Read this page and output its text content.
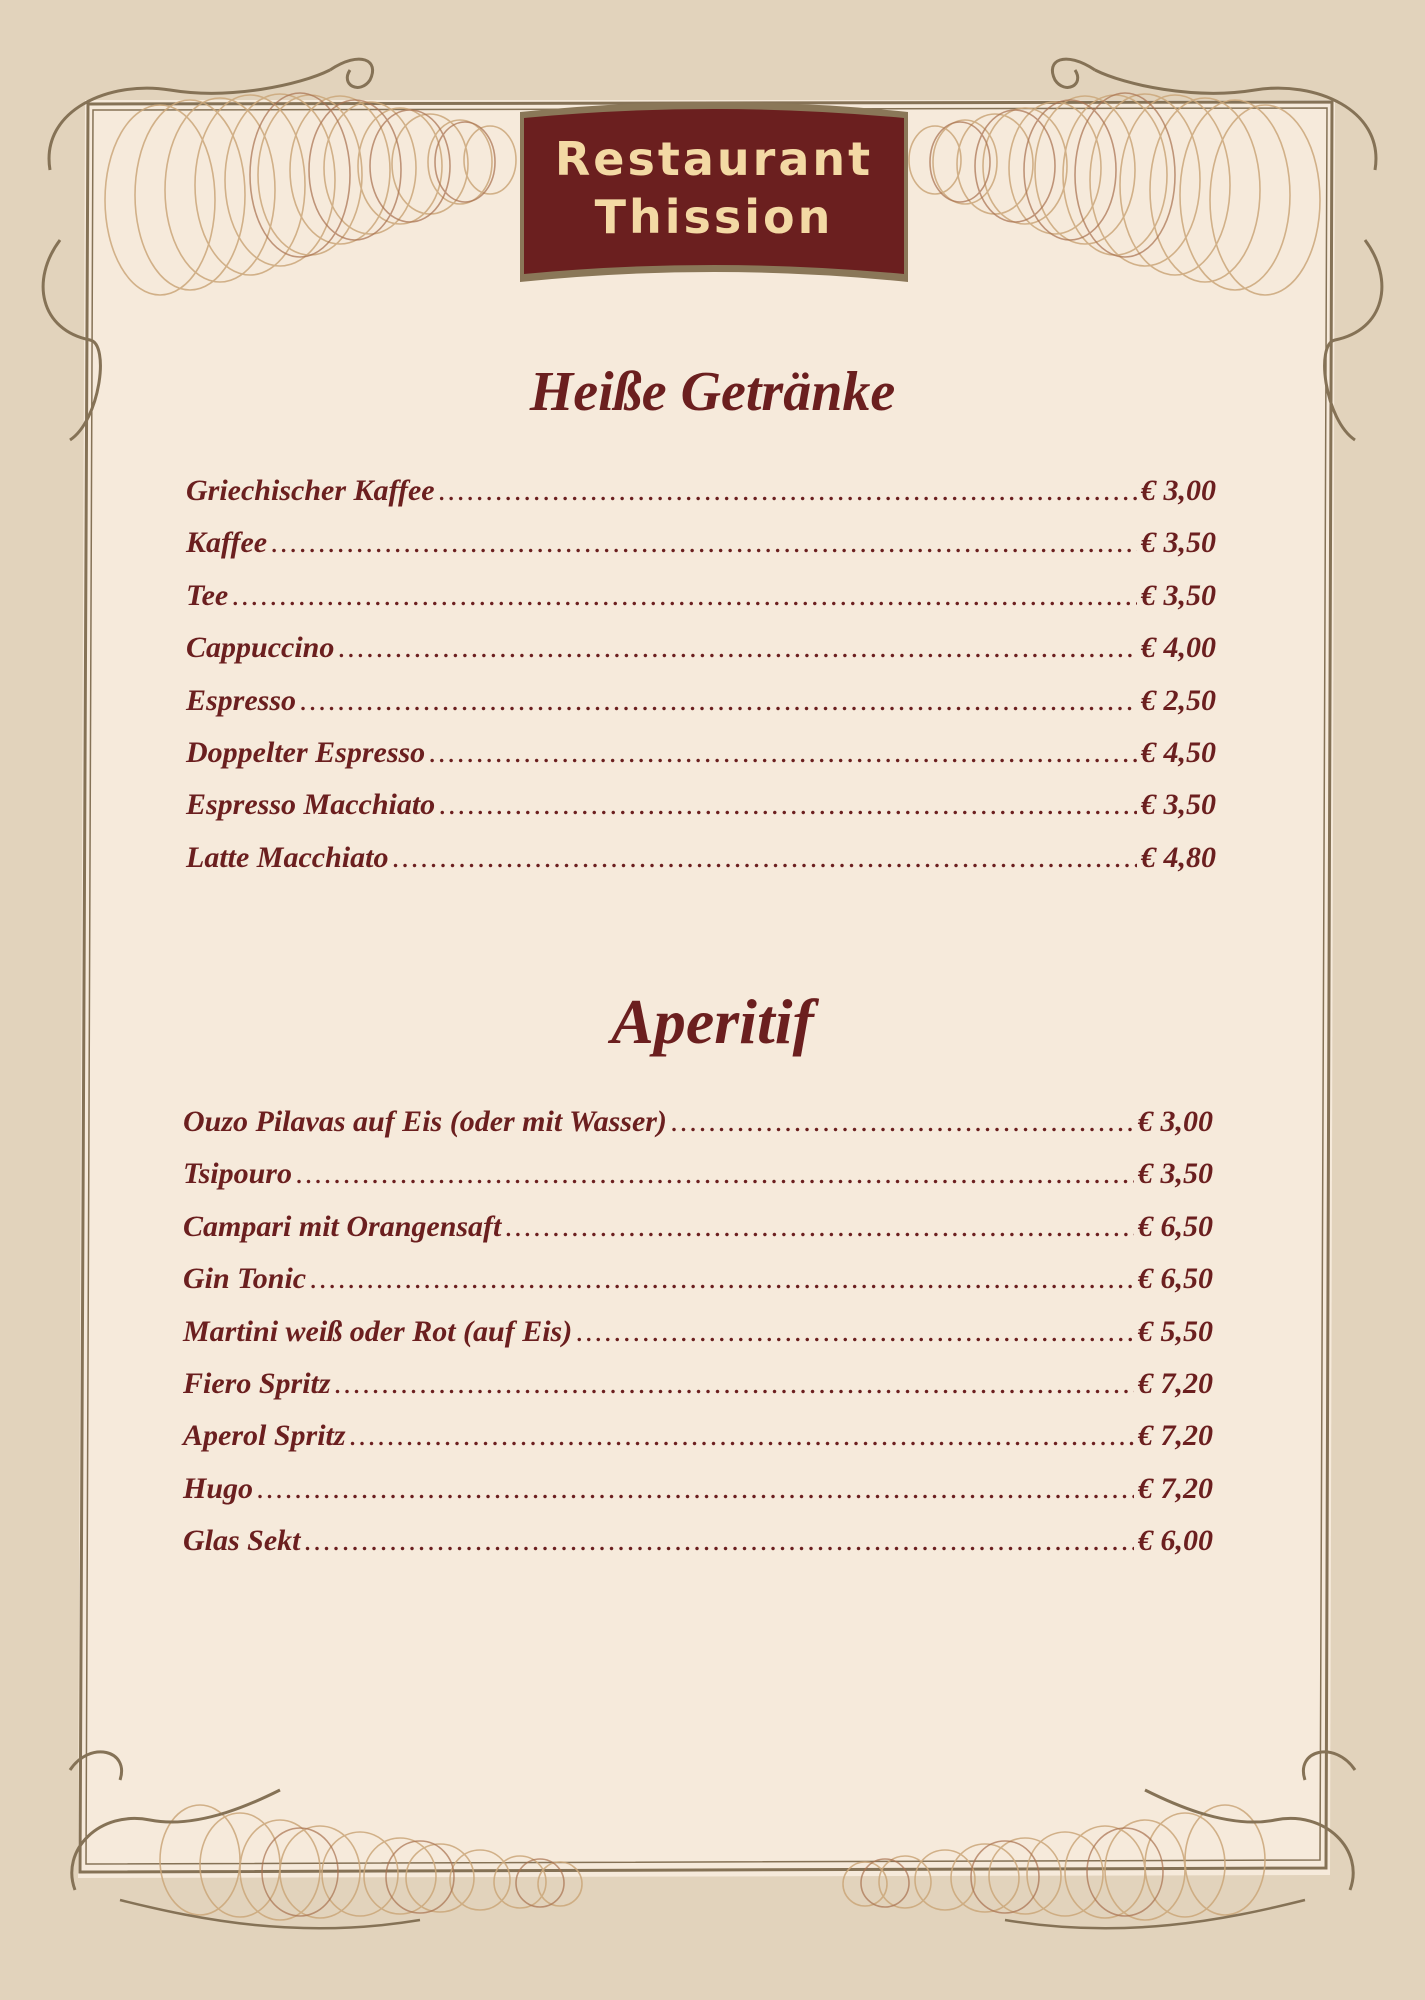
Restaurant
Thission
Heiße Getränke
Griechischer Kaffee .....	€ 3,00
Kaffee .....	€ 3,50
Tee .....	€ 3,50
Cappuccino .....	€ 4,00
Espresso .....	€ 2,50
Doppelter Espresso .....	€ 4,50
Espresso Macchiato .....	€ 3,50
Latte Macchiato .....	€ 4,80
Aperitif
Ouzo Pilavas auf Eis (oder mit Wasser) .....	€ 3,00
Tsipouro .....	€ 3,50
Campari mit Orangensaft .....	€ 6,50
Gin Tonic .....	€ 6,50
Martini weiß oder Rot (auf Eis) .....	€ 5,50
Fiero Spritz .....	€ 7,20
Aperol Spritz .....	€ 7,20
Hugo .....	€ 7,20
Glas Sekt .....	€ 6,00
